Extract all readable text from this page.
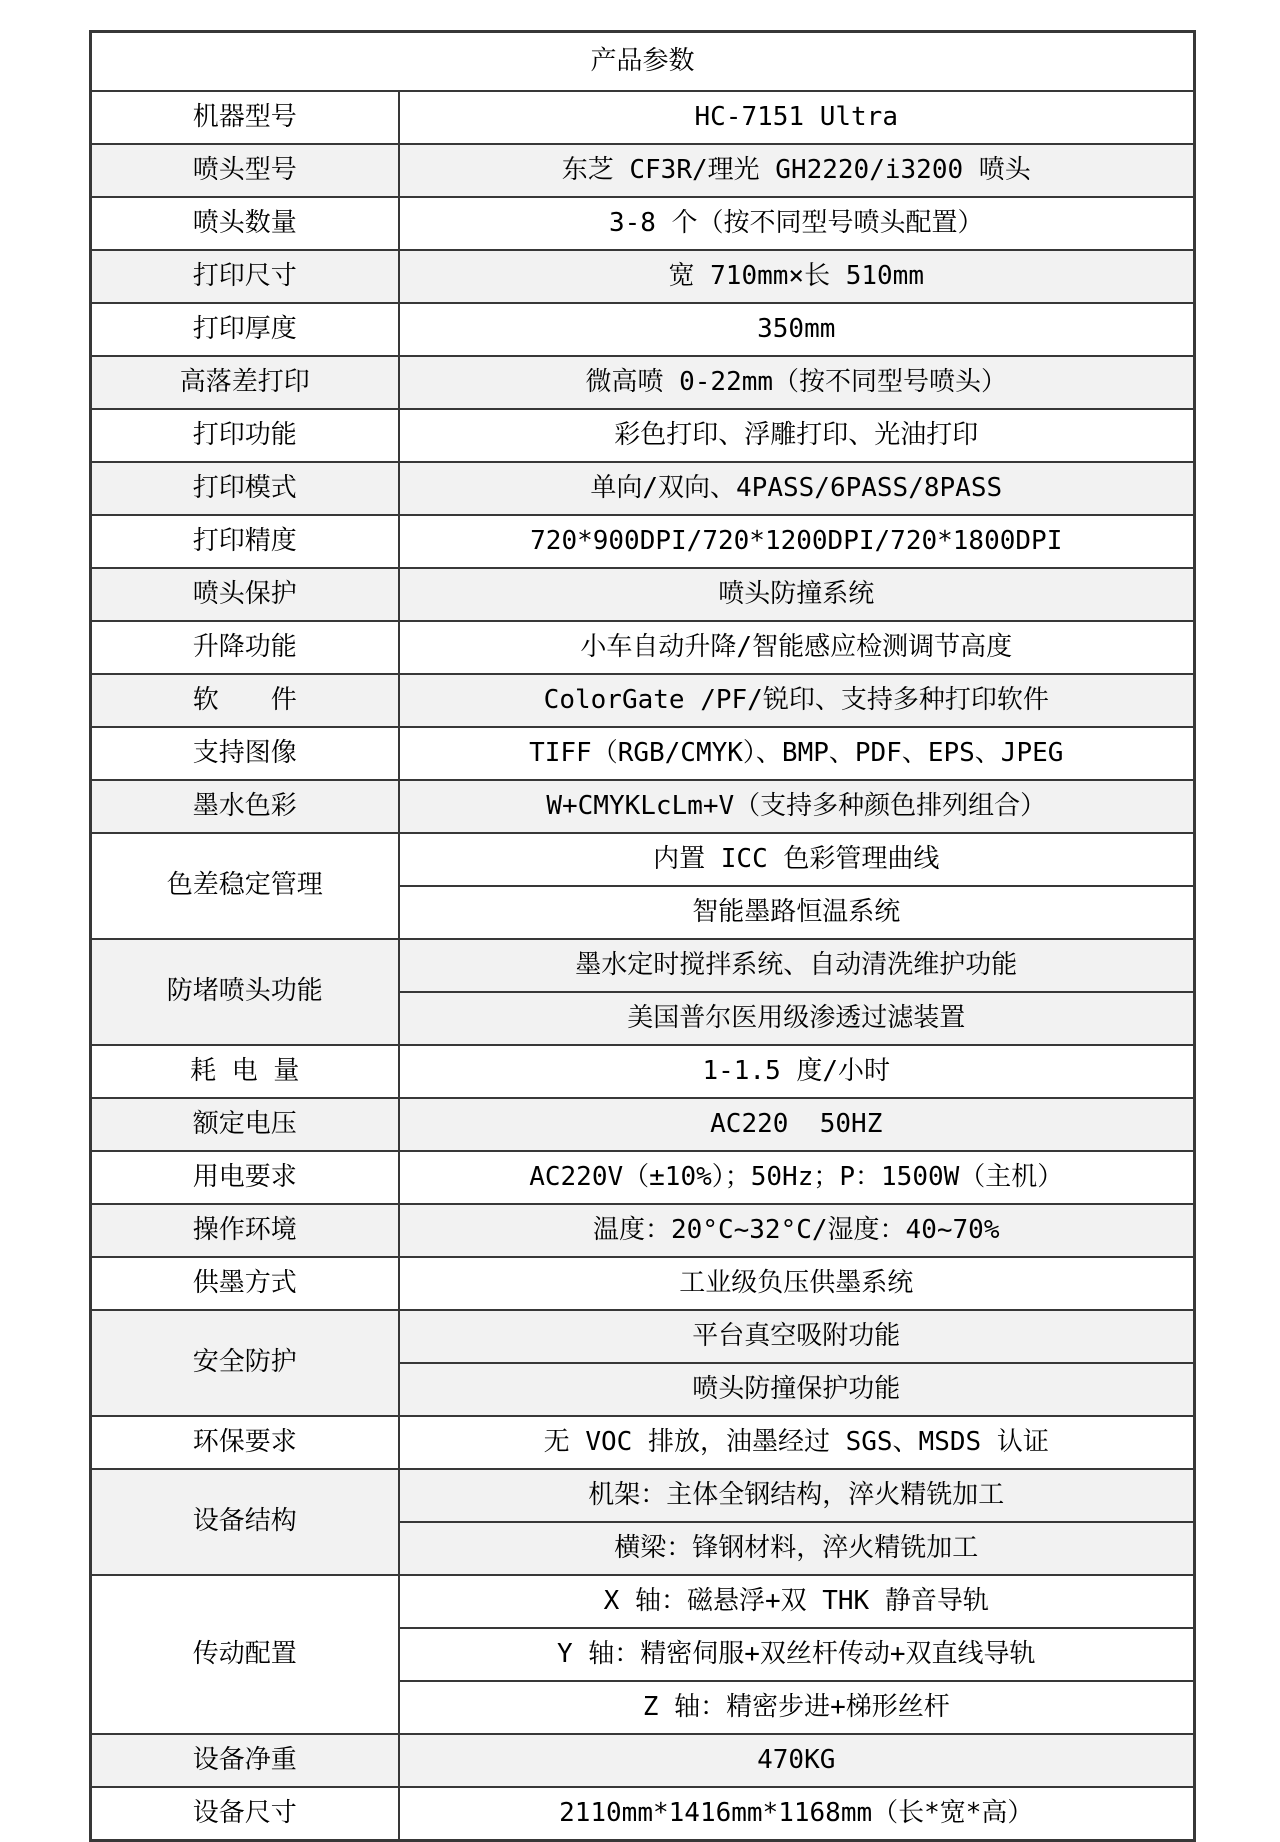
产品参数	
机器型号	HC-7151 Ultra
喷头型号	东芝 CF3R/理光 GH2220/i3200 喷头
喷头数量	3-8 个（按不同型号喷头配置）
打印尺寸	宽 710mm×长 510mm
打印厚度	350mm
高落差打印	微高喷 0-22mm（按不同型号喷头）
打印功能	彩色打印、浮雕打印、光油打印
打印模式	单向/双向、4PASS/6PASS/8PASS
打印精度	720*900DPI/720*1200DPI/720*1800DPI
喷头保护	喷头防撞系统
升降功能	小车自动升降/智能感应检测调节高度
软　　件	ColorGate /PF/锐印、支持多种打印软件
支持图像	TIFF（RGB/CMYK）、BMP、PDF、EPS、JPEG
墨水色彩	W+CMYKLcLm+V（支持多种颜色排列组合）
色差稳定管理	内置 ICC 色彩管理曲线
	智能墨路恒温系统
防堵喷头功能	墨水定时搅拌系统、自动清洗维护功能
	美国普尔医用级渗透过滤装置
耗 电 量	1-1.5 度/小时
额定电压	AC220  50HZ
用电要求	AC220V（±10%）；50Hz；P：1500W（主机）
操作环境	温度：20°C~32°C/湿度：40~70%
供墨方式	工业级负压供墨系统
安全防护	平台真空吸附功能
	喷头防撞保护功能
环保要求	无 VOC 排放，油墨经过 SGS、MSDS 认证
设备结构	机架：主体全钢结构，淬火精铣加工
	横梁：锋钢材料，淬火精铣加工
传动配置	X 轴：磁悬浮+双 THK 静音导轨
	Y 轴：精密伺服+双丝杆传动+双直线导轨
	Z 轴：精密步进+梯形丝杆
设备净重	470KG
设备尺寸	2110mm*1416mm*1168mm（长*宽*高）
